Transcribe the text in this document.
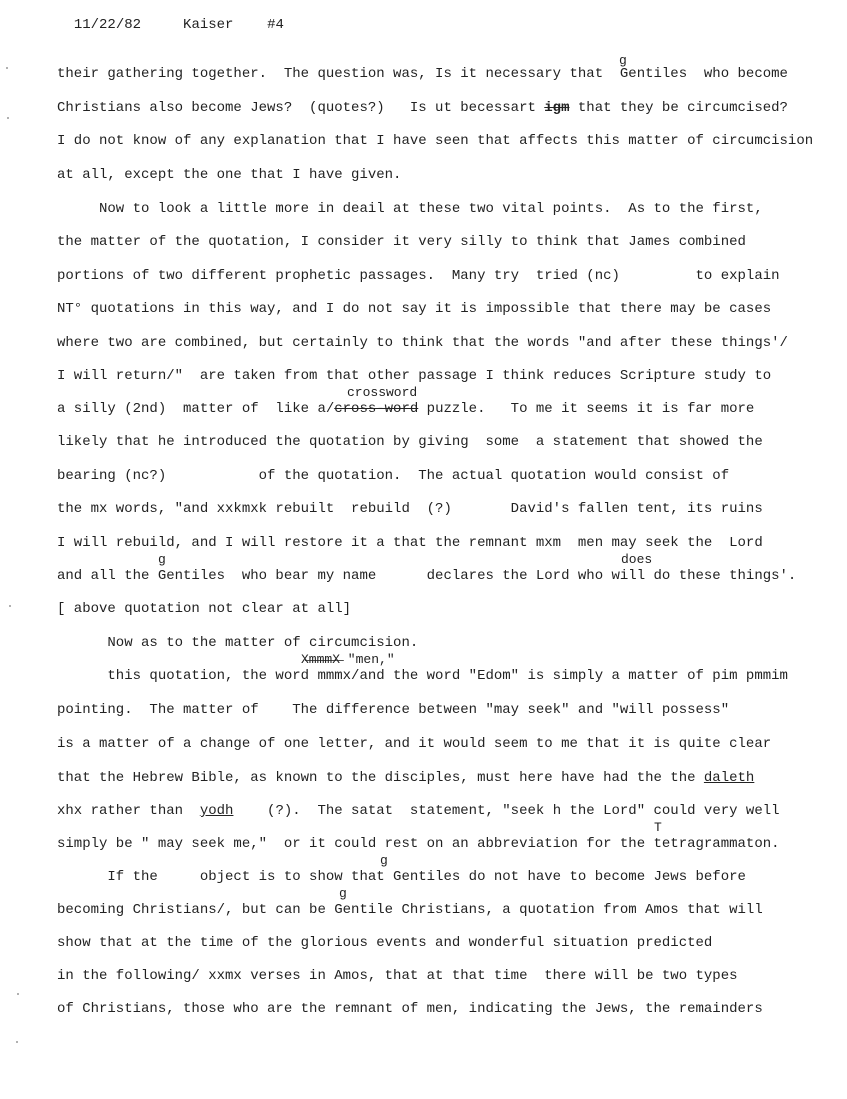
11/22/82	Kaiser #4

g
their gathering together.  The question was, Is it necessary that  Gentiles  who become
Christians also become Jews?  (quotes?)   Is ut becessart igm that they be circumcised?
I do not know of any explanation that I have seen that affects this matter of circumcision
at all, except the one that I have given.
Now to look a little more in deail at these two vital points.  As to the first,
the matter of the quotation, I consider it very silly to think that James combined
portions of two different prophetic passages.  Many try  tried (nc)         to explain
NT° quotations in this way, and I do not say it is impossible that there may be cases
where two are combined, but certainly to think that the words "and after these things'/
I will return/"  are taken from that other passage I think reduces Scripture study to
crossword
a silly (2nd)  matter of  like a/cross-word puzzle.   To me it seems it is far more
likely that he introduced the quotation by giving  some  a statement that showed the
bearing (nc?)           of the quotation.  The actual quotation would consist of
the mx words, "and xxkmxk rebuilt  rebuild  (?)       David's fallen tent, its ruins
I will rebuild, and I will restore it a that the remnant mxm  men may seek the  Lord
g	does
and all the Gentiles  who bear my name      declares the Lord who will do these things'.
[ above quotation not clear at all]
Now as to the matter of circumcision.
X̶m̶m̶m̶X̶ "men,"
this quotation, the word mmmx/and the word "Edom" is simply a matter of pim pmmim
pointing.  The matter of    The difference between "may seek" and "will possess"
is a matter of a change of one letter, and it would seem to me that it is quite clear
that the Hebrew Bible, as known to the disciples, must here have had the the daleth
xhx rather than  yodh    (?).  The satat  statement, "seek h the Lord" could very well
T
simply be " may seek me,"  or it could rest on an abbreviation for the tetragrammaton.
g
If the     object is to show that Gentiles do not have to become Jews before
g
becoming Christians/, but can be Gentile Christians, a quotation from Amos that will
show that at the time of the glorious events and wonderful situation predicted
in the following/ xxmx verses in Amos, that at that time  there will be two types
of Christians, those who are the remnant of men, indicating the Jews, the remainders
